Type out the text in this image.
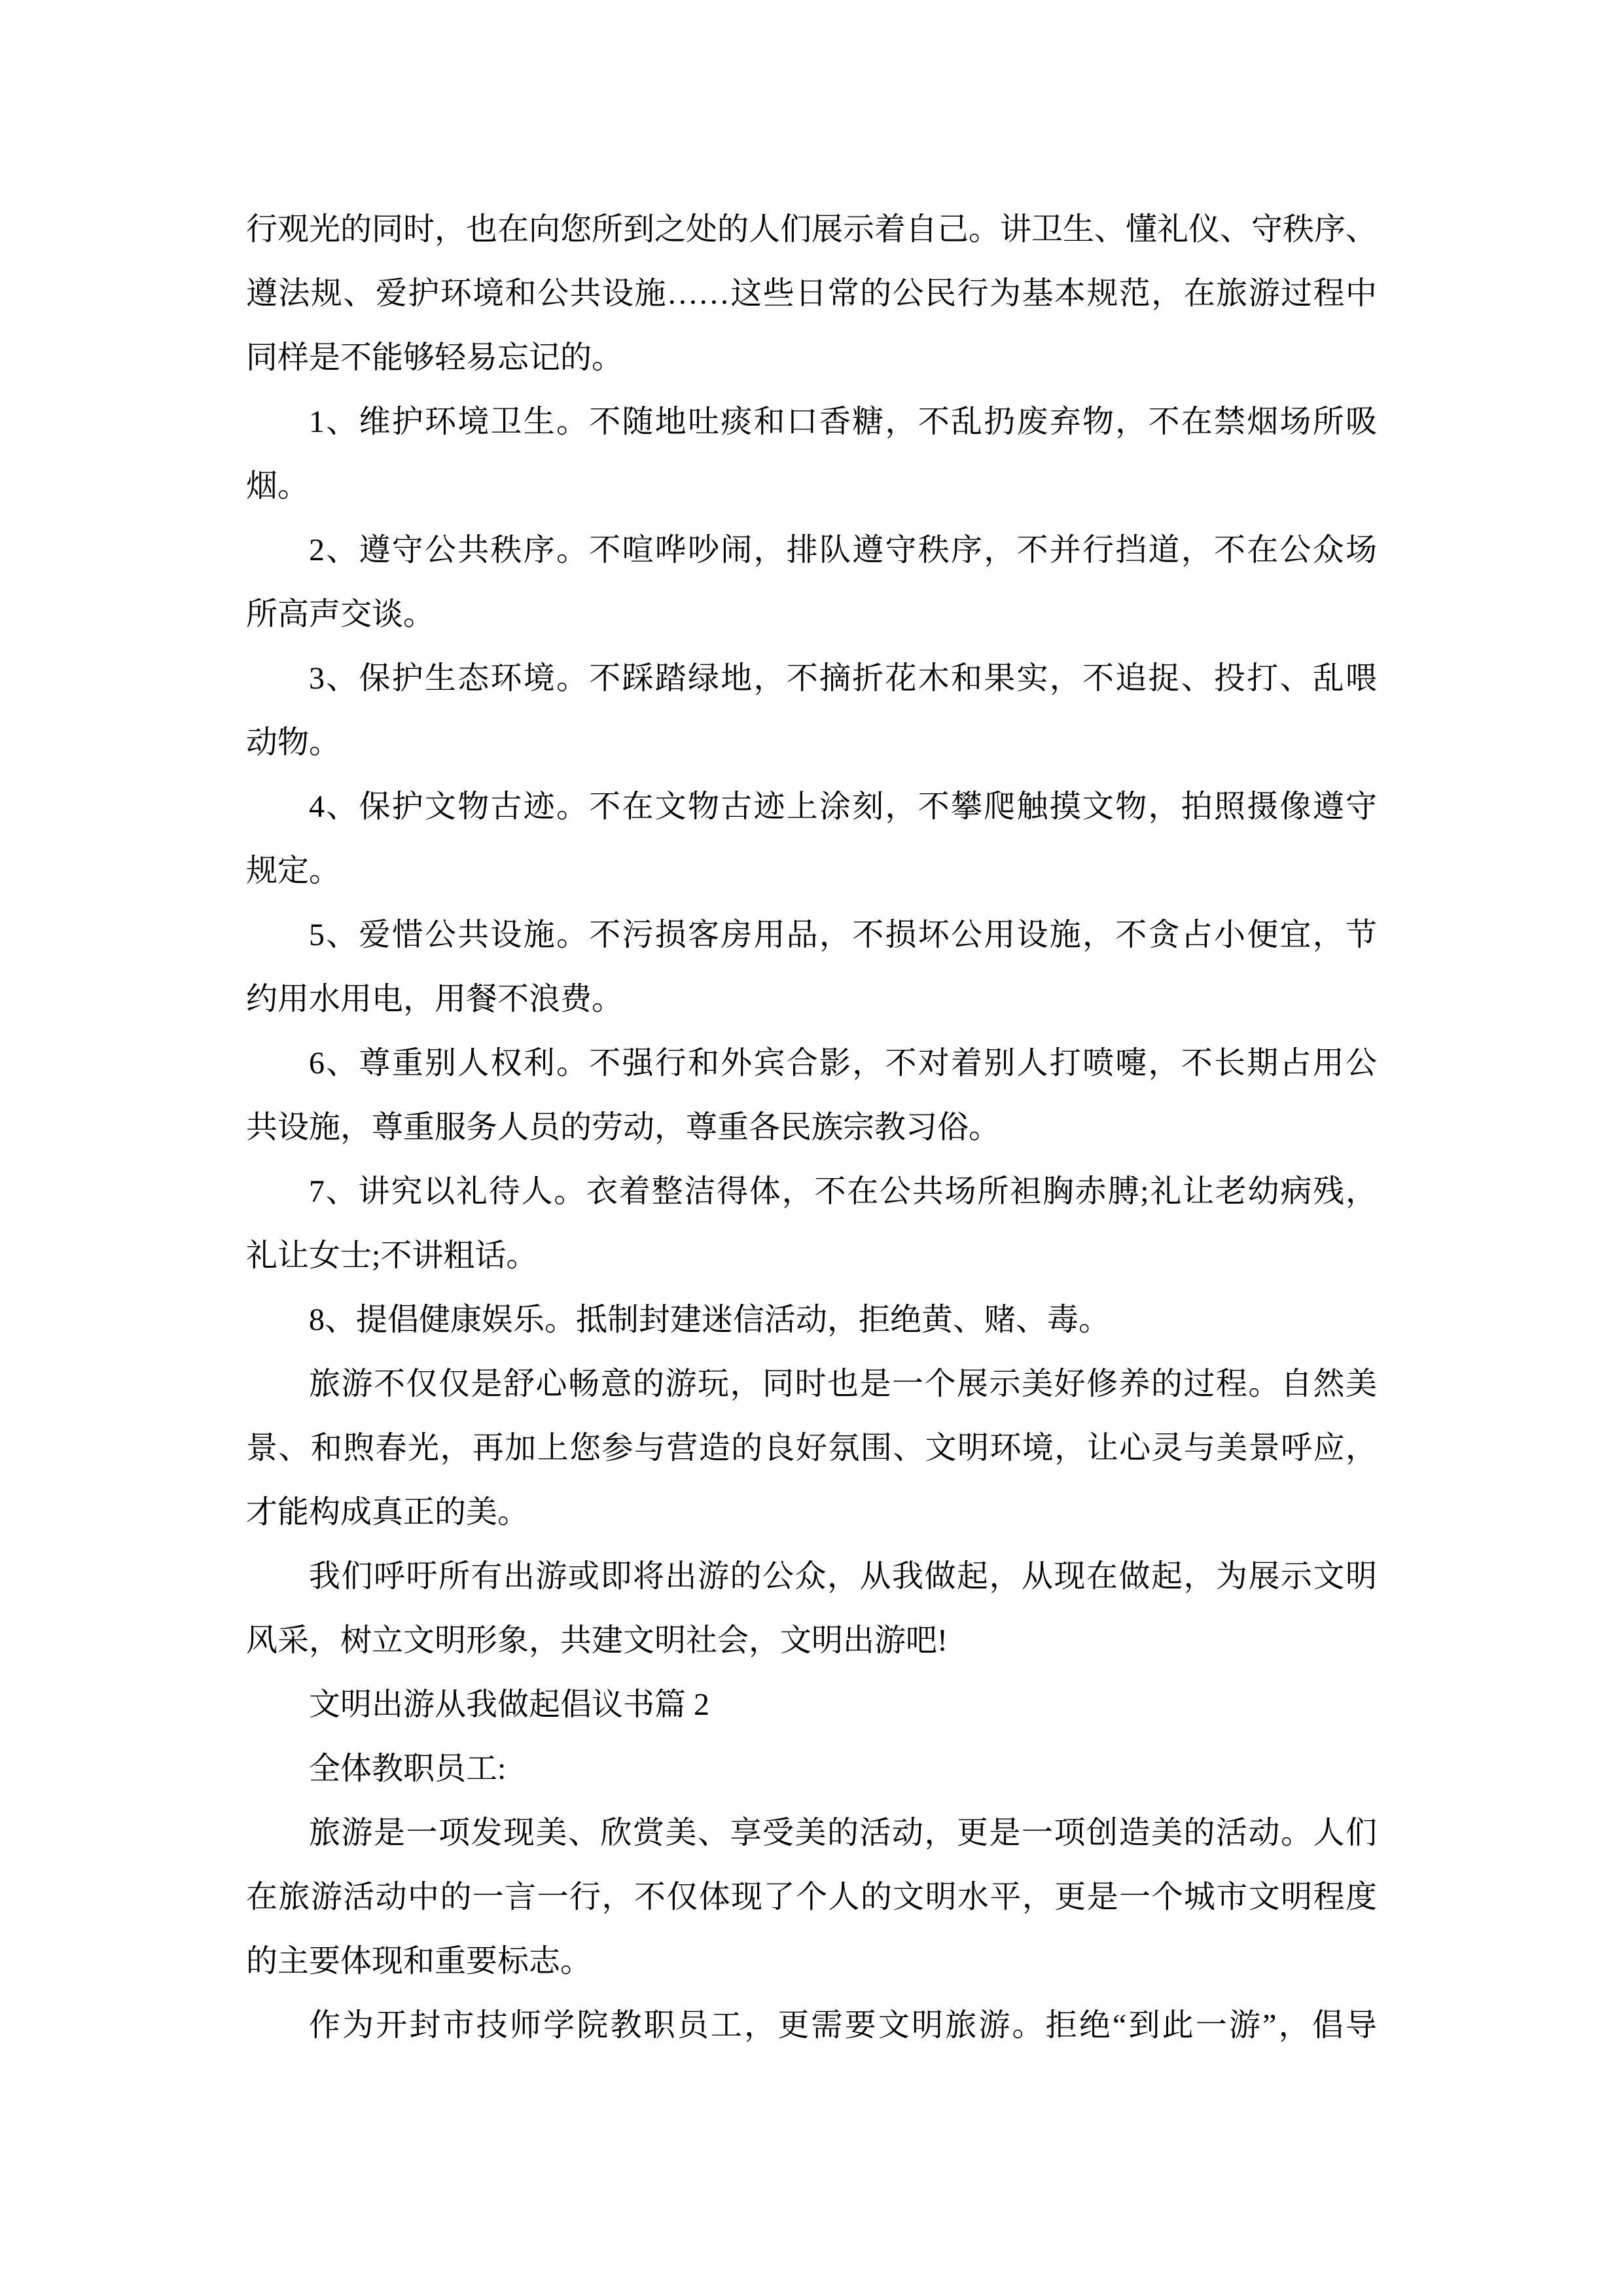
行观光的同时，也在向您所到之处的人们展示着自己。讲卫生、懂礼仪、守秩序、
遵法规、爱护环境和公共设施……这些日常的公民行为基本规范，在旅游过程中
同样是不能够轻易忘记的。
1、维护环境卫生。不随地吐痰和口香糖，不乱扔废弃物，不在禁烟场所吸
烟。
2、遵守公共秩序。不喧哗吵闹，排队遵守秩序，不并行挡道，不在公众场
所高声交谈。
3、保护生态环境。不踩踏绿地，不摘折花木和果实，不追捉、投打、乱喂
动物。
4、保护文物古迹。不在文物古迹上涂刻，不攀爬触摸文物，拍照摄像遵守
规定。
5、爱惜公共设施。不污损客房用品，不损坏公用设施，不贪占小便宜，节
约用水用电，用餐不浪费。
6、尊重别人权利。不强行和外宾合影，不对着别人打喷嚏，不长期占用公
共设施，尊重服务人员的劳动，尊重各民族宗教习俗。
7、讲究以礼待人。衣着整洁得体，不在公共场所袒胸赤膊;礼让老幼病残，
礼让女士;不讲粗话。
8、提倡健康娱乐。抵制封建迷信活动，拒绝黄、赌、毒。
旅游不仅仅是舒心畅意的游玩，同时也是一个展示美好修养的过程。自然美
景、和煦春光，再加上您参与营造的良好氛围、文明环境，让心灵与美景呼应，
才能构成真正的美。
我们呼吁所有出游或即将出游的公众，从我做起，从现在做起，为展示文明
风采，树立文明形象，共建文明社会，文明出游吧!
文明出游从我做起倡议书篇 2
全体教职员工:
旅游是一项发现美、欣赏美、享受美的活动，更是一项创造美的活动。人们
在旅游活动中的一言一行，不仅体现了个人的文明水平，更是一个城市文明程度
的主要体现和重要标志。
作为开封市技师学院教职员工，更需要文明旅游。拒绝“到此一游”，倡导
